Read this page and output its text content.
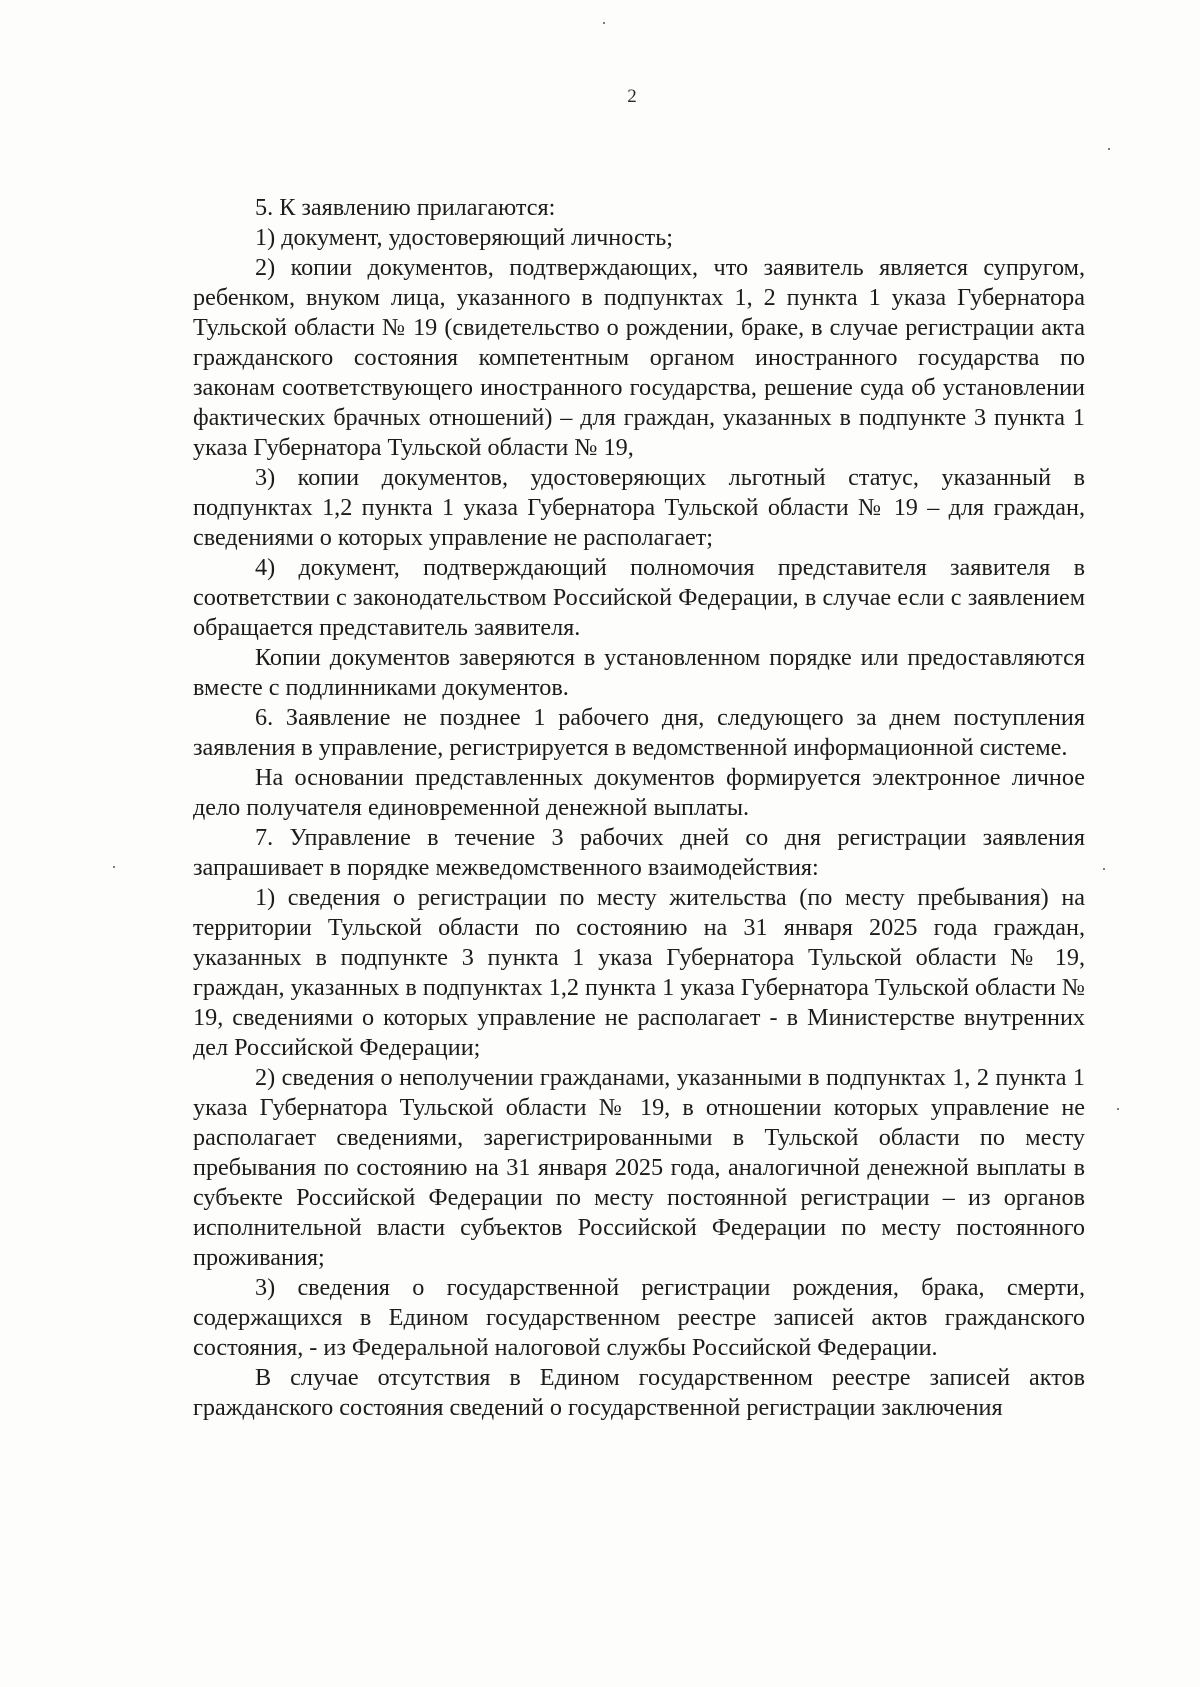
2

5. К заявлению прилагаются:

1) документ, удостоверяющий личность;

2) копии документов, подтверждающих, что заявитель является супругом, ребенком, внуком лица, указанного в подпунктах 1, 2 пункта 1 указа Губернатора Тульской области № 19 (свидетельство о рождении, браке, в случае регистрации акта гражданского состояния компетентным органом иностранного государства по законам соответствующего иностранного государства, решение суда об установлении фактических брачных отношений) – для граждан, указанных в подпункте 3 пункта 1 указа Губернатора Тульской области № 19,

3) копии документов, удостоверяющих льготный статус, указанный в подпунктах 1,2 пункта 1 указа Губернатора Тульской области № 19 – для граждан, сведениями о которых управление не располагает;

4) документ, подтверждающий полномочия представителя заявителя в соответствии с законодательством Российской Федерации, в случае если с заявлением обращается представитель заявителя.

Копии документов заверяются в установленном порядке или предоставляются вместе с подлинниками документов.

6. Заявление не позднее 1 рабочего дня, следующего за днем поступления заявления в управление, регистрируется в ведомственной информационной системе.

На основании представленных документов формируется электронное личное дело получателя единовременной денежной выплаты.

7. Управление в течение 3 рабочих дней со дня регистрации заявления запрашивает в порядке межведомственного взаимодействия:

1) сведения о регистрации по месту жительства (по месту пребывания) на территории Тульской области по состоянию на 31 января 2025 года граждан, указанных в подпункте 3 пункта 1 указа Губернатора Тульской области № 19, граждан, указанных в подпунктах 1,2 пункта 1 указа Губернатора Тульской области № 19, сведениями о которых управление не располагает - в Министерстве внутренних дел Российской Федерации;

2) сведения о неполучении гражданами, указанными в подпунктах 1, 2 пункта 1 указа Губернатора Тульской области № 19, в отношении которых управление не располагает сведениями, зарегистрированными в Тульской области по месту пребывания по состоянию на 31 января 2025 года, аналогичной денежной выплаты в субъекте Российской Федерации по месту постоянной регистрации – из органов исполнительной власти субъектов Российской Федерации по месту постоянного проживания;

3) сведения о государственной регистрации рождения, брака, смерти, содержащихся в Едином государственном реестре записей актов гражданского состояния, - из Федеральной налоговой службы Российской Федерации.

В случае отсутствия в Едином государственном реестре записей актов гражданского состояния сведений о государственной регистрации заключения
